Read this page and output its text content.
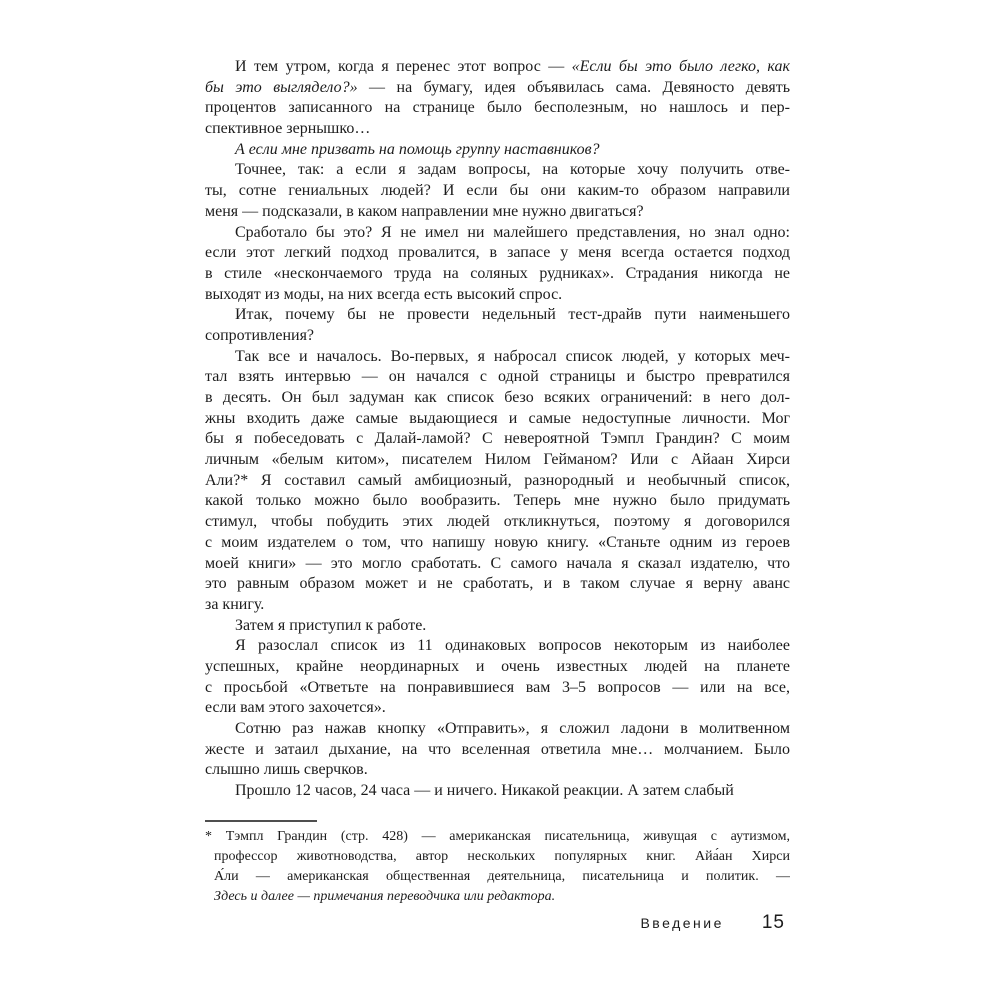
И тем утром, когда я перенес этот вопрос — «Если бы это было легко, как
бы это выглядело?» — на бумагу, идея объявилась сама. Девяносто девять
процентов записанного на странице было бесполезным, но нашлось и пер-
спективное зернышко…
А если мне призвать на помощь группу наставников?
Точнее, так: а если я задам вопросы, на которые хочу получить отве-
ты, сотне гениальных людей? И если бы они каким-то образом направили
меня — подсказали, в каком направлении мне нужно двигаться?
Сработало бы это? Я не имел ни малейшего представления, но знал одно:
если этот легкий подход провалится, в запасе у меня всегда остается подход
в стиле «нескончаемого труда на соляных рудниках». Страдания никогда не
выходят из моды, на них всегда есть высокий спрос.
Итак, почему бы не провести недельный тест-драйв пути наименьшего
сопротивления?
Так все и началось. Во-первых, я набросал список людей, у которых меч-
тал взять интервью — он начался с одной страницы и быстро превратился
в десять. Он был задуман как список безо всяких ограничений: в него дол-
жны входить даже самые выдающиеся и самые недоступные личности. Мог
бы я побеседовать с Далай-ламой? С невероятной Тэмпл Грандин? С моим
личным «белым китом», писателем Нилом Гейманом? Или с Айаан Хирси
Али?* Я составил самый амбициозный, разнородный и необычный список,
какой только можно было вообразить. Теперь мне нужно было придумать
стимул, чтобы побудить этих людей откликнуться, поэтому я договорился
с моим издателем о том, что напишу новую книгу. «Станьте одним из героев
моей книги» — это могло сработать. С самого начала я сказал издателю, что
это равным образом может и не сработать, и в таком случае я верну аванс
за книгу.
Затем я приступил к работе.
Я разослал список из 11 одинаковых вопросов некоторым из наиболее
успешных, крайне неординарных и очень известных людей на планете
с просьбой «Ответьте на понравившиеся вам 3–5 вопросов — или на все,
если вам этого захочется».
Сотню раз нажав кнопку «Отправить», я сложил ладони в молитвенном
жесте и затаил дыхание, на что вселенная ответила мне… молчанием. Было
слышно лишь сверчков.
Прошло 12 часов, 24 часа — и ничего. Никакой реакции. А затем слабый
* Тэмпл Грандин (стр. 428) — американская писательница, живущая с аутизмом,
профессор животноводства, автор нескольких популярных книг. Айа́ан Хирси
А́ли — американская общественная деятельница, писательница и политик. —
Здесь и далее — примечания переводчика или редактора.
Введение 15
